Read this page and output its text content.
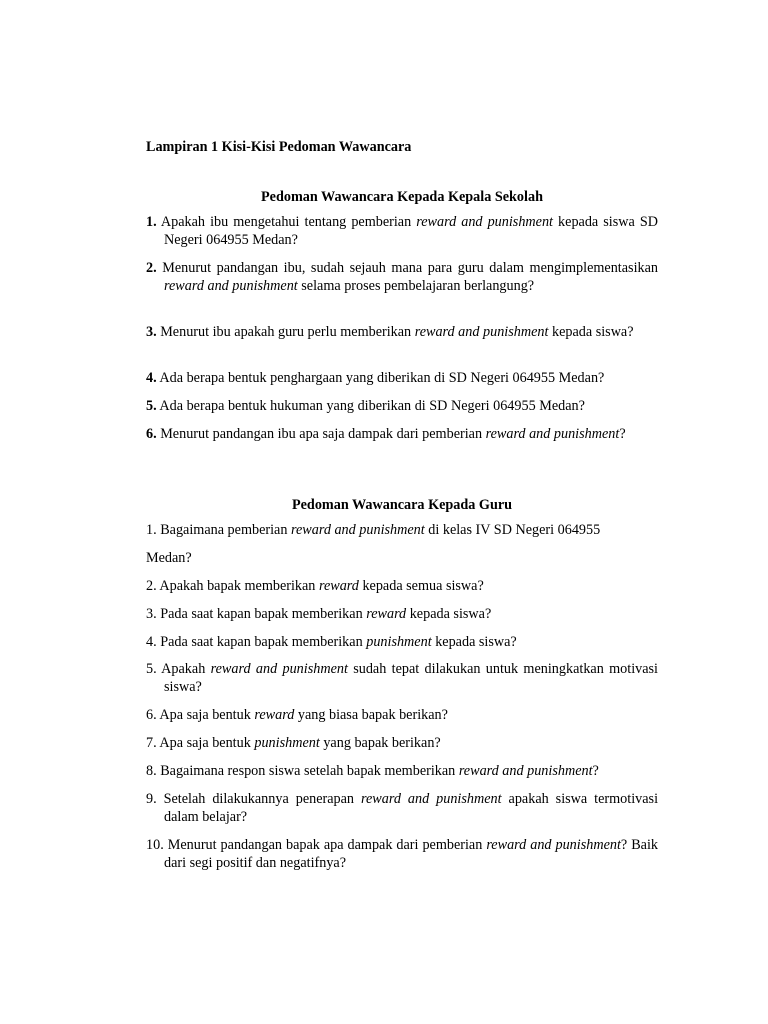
Lampiran 1 Kisi-Kisi Pedoman Wawancara

Pedoman Wawancara Kepada Kepala Sekolah

1. Apakah ibu mengetahui tentang pemberian reward and punishment kepada siswa SD Negeri 064955 Medan?

2. Menurut pandangan ibu, sudah sejauh mana para guru dalam mengimplementasikan reward and punishment selama proses pembelajaran berlangung?

3. Menurut ibu apakah guru perlu memberikan reward and punishment kepada siswa?

4. Ada berapa bentuk penghargaan yang diberikan di SD Negeri 064955 Medan?

5. Ada berapa bentuk hukuman yang diberikan di SD Negeri 064955 Medan?

6. Menurut pandangan ibu apa saja dampak dari pemberian reward and punishment?

Pedoman Wawancara Kepada Guru

1. Bagaimana pemberian reward and punishment di kelas IV SD Negeri 064955

Medan?

2. Apakah bapak memberikan reward kepada semua siswa?

3. Pada saat kapan bapak memberikan reward kepada siswa?

4. Pada saat kapan bapak memberikan punishment kepada siswa?

5. Apakah reward and punishment sudah tepat dilakukan untuk meningkatkan motivasi siswa?

6. Apa saja bentuk reward yang biasa bapak berikan?

7. Apa saja bentuk punishment yang bapak berikan?

8. Bagaimana respon siswa setelah bapak memberikan reward and punishment?

9. Setelah dilakukannya penerapan reward and punishment apakah siswa termotivasi dalam belajar?

10. Menurut pandangan bapak apa dampak dari pemberian reward and punishment? Baik dari segi positif dan negatifnya?
